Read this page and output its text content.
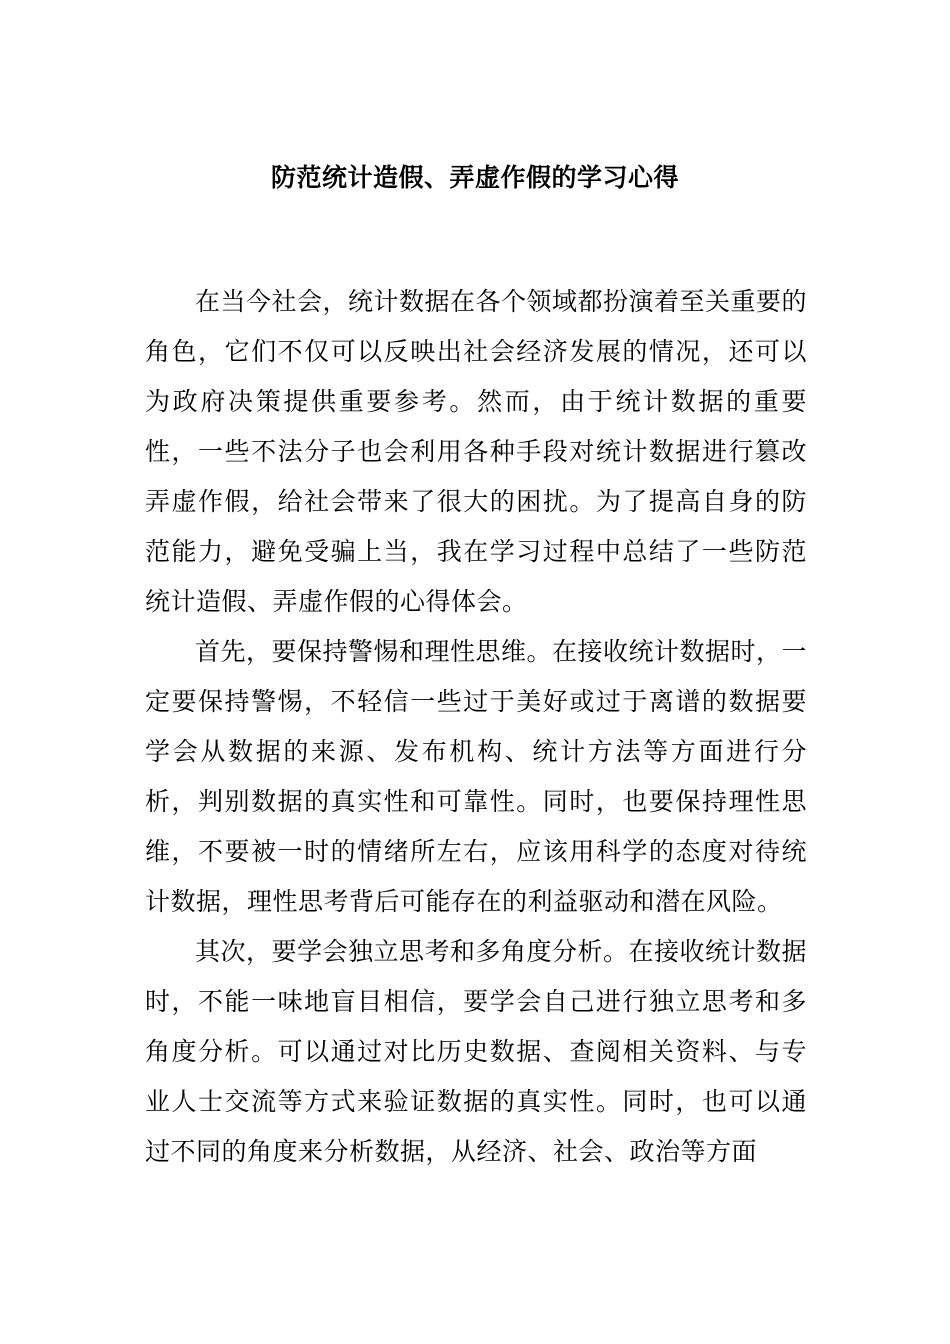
防范统计造假、弄虚作假的学习心得

在当今社会，统计数据在各个领域都扮演着至关重要的角色，它们不仅可以反映出社会经济发展的情况，还可以为政府决策提供重要参考。然而，由于统计数据的重要性，一些不法分子也会利用各种手段对统计数据进行篡改弄虚作假，给社会带来了很大的困扰。为了提高自身的防范能力，避免受骗上当，我在学习过程中总结了一些防范统计造假、弄虚作假的心得体会。

首先，要保持警惕和理性思维。在接收统计数据时，一定要保持警惕，不轻信一些过于美好或过于离谱的数据要学会从数据的来源、发布机构、统计方法等方面进行分析，判别数据的真实性和可靠性。同时，也要保持理性思维，不要被一时的情绪所左右，应该用科学的态度对待统计数据，理性思考背后可能存在的利益驱动和潜在风险。

其次，要学会独立思考和多角度分析。在接收统计数据时，不能一味地盲目相信，要学会自己进行独立思考和多角度分析。可以通过对比历史数据、查阅相关资料、与专业人士交流等方式来验证数据的真实性。同时，也可以通过不同的角度来分析数据，从经济、社会、政治等方面
